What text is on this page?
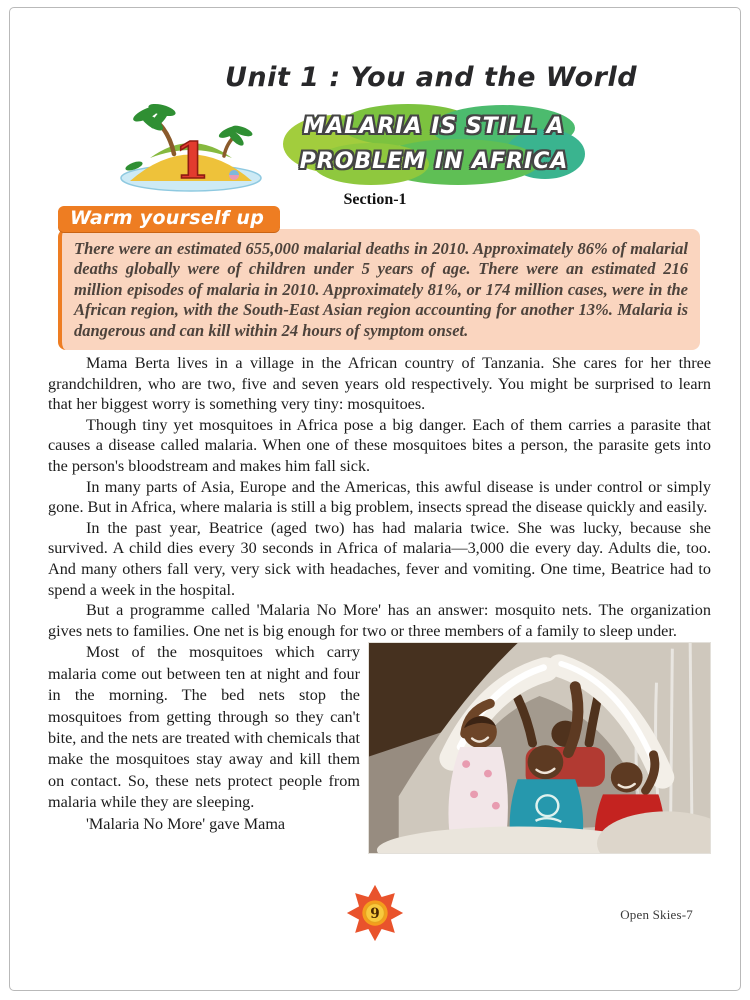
Unit 1 : You and the World
1
MALARIA IS STILL A
PROBLEM IN AFRICA
Section-1
Warm yourself up
There were an estimated 655,000 malarial deaths in 2010. Approximately 86% of malarial deaths globally were of children under 5 years of age. There were an estimated 216 million episodes of malaria in 2010. Approximately 81%, or 174 million cases, were in the African region, with the South-East Asian region accounting for another 13%. Malaria is dangerous and can kill within 24 hours of symptom onset.

Mama Berta lives in a village in the African country of Tanzania. She cares for her three grandchildren, who are two, five and seven years old respectively. You might be surprised to learn that her biggest worry is something very tiny: mosquitoes.

Though tiny yet mosquitoes in Africa pose a big danger. Each of them carries a parasite that causes a disease called malaria. When one of these mosquitoes bites a person, the parasite gets into the person's bloodstream and makes him fall sick.

In many parts of Asia, Europe and the Americas, this awful disease is under control or simply gone. But in Africa, where malaria is still a big problem, insects spread the disease quickly and easily.

In the past year, Beatrice (aged two) has had malaria twice. She was lucky, because she survived. A child dies every 30 seconds in Africa of malaria—3,000 die every day. Adults die, too. And many others fall very, very sick with headaches, fever and vomiting. One time, Beatrice had to spend a week in the hospital.

But a programme called 'Malaria No More' has an answer: mosquito nets. The organization gives nets to families. One net is big enough for two or three members of a family to sleep under.

Most of the mosquitoes which carry malaria come out between ten at night and four in the morning. The bed nets stop the mosquitoes from getting through so they can't bite, and the nets are treated with chemicals that make the mosquitoes stay away and kill them on contact. So, these nets protect people from malaria while they are sleeping.

'Malaria No More' gave Mama

9	Open Skies-7
